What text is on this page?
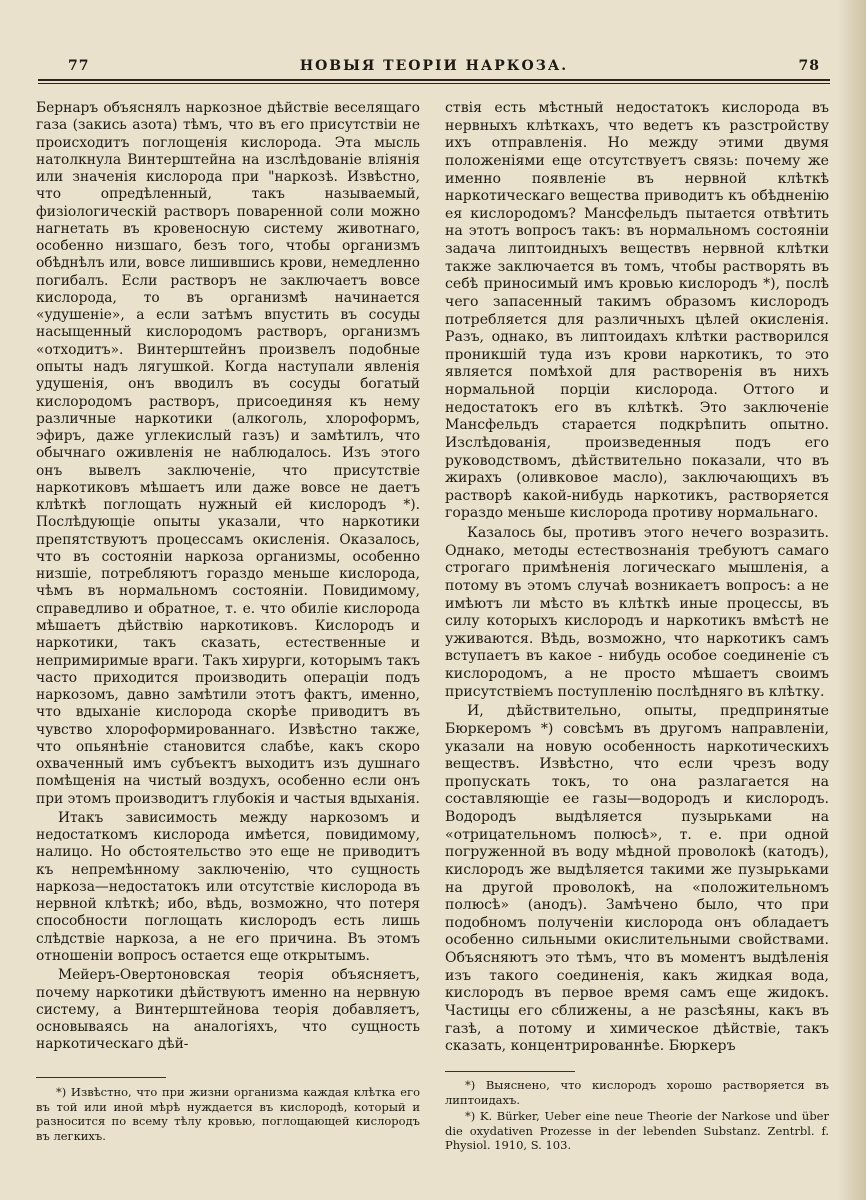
77	НОВЫЯ ТЕОРІИ НАРКОЗА.	78

Бернаръ объяснялъ наркозное дѣйствіе веселящаго газа (закись азота) тѣмъ, что въ его присутствіи не происходитъ поглощенія кислорода. Эта мысль натолкнула Винтерштейна на изслѣдованіе вліянія или значенія кислорода при "наркозѣ. Извѣстно, что опредѣленный, такъ называемый, физіологическій растворъ поваренной соли можно нагнетать въ кровеносную систему животнаго, особенно низшаго, безъ того, чтобы организмъ обѣднѣлъ или, вовсе лишившись крови, немедленно погибалъ. Если растворъ не заключаетъ вовсе кислорода, то въ организмѣ начинается «удушеніе», а если затѣмъ впустить въ сосуды насыщенный кислородомъ растворъ, организмъ «отходитъ». Винтерштейнъ произвелъ подобные опыты надъ лягушкой. Когда наступали явленія удушенія, онъ вводилъ въ сосуды богатый кислородомъ растворъ, присоединяя къ нему различные наркотики (алкоголь, хлороформъ, эфиръ, даже углекислый газъ) и замѣтилъ, что обычнаго оживленія не наблюдалось. Изъ этого онъ вывелъ заключеніе, что присутствіе наркотиковъ мѣшаетъ или даже вовсе не даетъ клѣткѣ поглощать нужный ей кислородъ *). Послѣдующіе опыты указали, что наркотики препятствуютъ процессамъ окисленія. Оказалось, что въ состояніи наркоза организмы, особенно низшіе, потребляютъ гораздо меньше кислорода, чѣмъ въ нормальномъ состояніи. Повидимому, справедливо и обратное, т. е. что обиліе кислорода мѣшаетъ дѣйствію наркотиковъ. Кислородъ и наркотики, такъ сказать, естественные и непримиримые враги. Такъ хирурги, которымъ такъ часто приходится производить операціи подъ наркозомъ, давно замѣтили этотъ фактъ, именно, что вдыханіе кислорода скорѣе приводитъ въ чувство хлороформированнаго. Извѣстно также, что опьянѣніе становится слабѣе, какъ скоро охваченный имъ субъектъ выходитъ изъ душнаго помѣщенія на чистый воздухъ, особенно если онъ при этомъ производитъ глубокія и частыя вдыханія.

Итакъ зависимость между наркозомъ и недостаткомъ кислорода имѣется, повидимому, налицо. Но обстоятельство это еще не приводитъ къ непремѣнному заключенію, что сущность наркоза—недостатокъ или отсутствіе кислорода въ нервной клѣткѣ; ибо, вѣдь, возможно, что потеря способности поглощать кислородъ есть лишь слѣдствіе наркоза, а не его причина. Въ этомъ отношеніи вопросъ остается еще открытымъ.

Мейеръ-Овертоновская теорія объясняетъ, почему наркотики дѣйствуютъ именно на нервную систему, а Винтерштейнова теорія добавляетъ, основываясь на аналогіяхъ, что сущность наркотическаго дѣй-

ствія есть мѣстный недостатокъ кислорода въ нервныхъ клѣткахъ, что ведетъ къ разстройству ихъ отправленія. Но между этими двумя положеніями еще отсутствуетъ связь: почему же именно появленіе въ нервной клѣткѣ наркотическаго вещества приводитъ къ обѣдненію ея кислородомъ? Мансфельдъ пытается отвѣтить на этотъ вопросъ такъ: въ нормальномъ состояніи задача липтоидныхъ веществъ нервной клѣтки также заключается въ томъ, чтобы растворять въ себѣ приносимый имъ кровью кислородъ *), послѣ чего запасенный такимъ образомъ кислородъ потребляется для различныхъ цѣлей окисленія. Разъ, однако, въ липтоидахъ клѣтки растворился проникшій туда изъ крови наркотикъ, то это является помѣхой для растворенія въ нихъ нормальной порціи кислорода. Оттого и недостатокъ его въ клѣткѣ. Это заключеніе Мансфельдъ старается подкрѣпить опытно. Изслѣдованія, произведенныя подъ его руководствомъ, дѣйствительно показали, что въ жирахъ (оливковое масло), заключающихъ въ растворѣ какой-нибудь наркотикъ, растворяется гораздо меньше кислорода противу нормальнаго.

Казалось бы, противъ этого нечего возразить. Однако, методы естествознанія требуютъ самаго строгаго примѣненія логическаго мышленія, а потому въ этомъ случаѣ возникаетъ вопросъ: а не имѣютъ ли мѣсто въ клѣткѣ иные процессы, въ силу которыхъ кислородъ и наркотикъ вмѣстѣ не уживаются. Вѣдь, возможно, что наркотикъ самъ вступаетъ въ какое - нибудь особое соединеніе съ кислородомъ, а не просто мѣшаетъ своимъ присутствіемъ поступленію послѣдняго въ клѣтку.

И, дѣйствительно, опыты, предпринятые Бюркеромъ *) совсѣмъ въ другомъ направленіи, указали на новую особенность наркотическихъ веществъ. Извѣстно, что если чрезъ воду пропускать токъ, то она разлагается на составляющіе ее газы—водородъ и кислородъ. Водородъ выдѣляется пузырьками на «отрицательномъ полюсѣ», т. е. при одной погруженной въ воду мѣдной проволокѣ (катодъ), кислородъ же выдѣляется такими же пузырьками на другой проволокѣ, на «положительномъ полюсѣ» (анодъ). Замѣчено было, что при подобномъ полученіи кислорода онъ обладаетъ особенно сильными окислительными свойствами. Объясняютъ это тѣмъ, что въ моментъ выдѣленія изъ такого соединенія, какъ жидкая вода, кислородъ въ первое время самъ еще жидокъ. Частицы его сближены, а не разсѣяны, какъ въ газѣ, а потому и химическое дѣйствіе, такъ сказать, концентрированнѣе. Бюркеръ

*) Извѣстно, что при жизни организма каждая клѣтка его въ той или иной мѣрѣ нуждается въ кислородѣ, который и разносится по всему тѣлу кровью, поглощающей кислородъ въ легкихъ.

*) Выяснено, что кислородъ хорошо растворяется въ липтоидахъ.

*) K. Bürker, Ueber eine neue Theorie der Narkose und über die oxydativen Prozesse in der lebenden Substanz. Zentrbl. f. Physiol. 1910, S. 103.
